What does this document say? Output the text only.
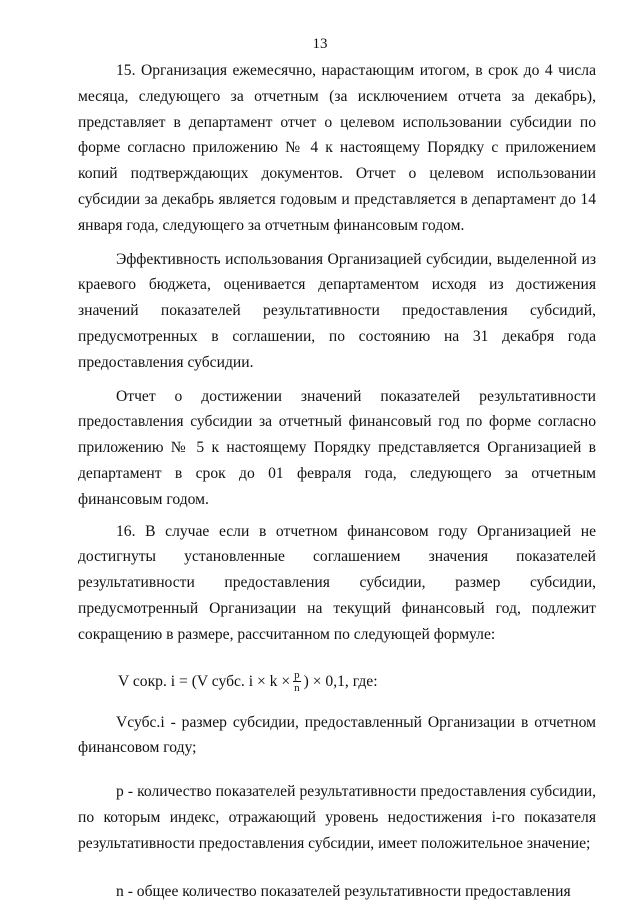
13

15. Организация ежемесячно, нарастающим итогом, в срок до 4 числа месяца, следующего за отчетным (за исключением отчета за декабрь), представляет в департамент отчет о целевом использовании субсидии по форме согласно приложению № 4 к настоящему Порядку с приложением копий подтверждающих документов. Отчет о целевом использовании субсидии за декабрь является годовым и представляется в департамент до 14 января года, следующего за отчетным финансовым годом.

Эффективность использования Организацией субсидии, выделенной из краевого бюджета, оценивается департаментом исходя из достижения значений показателей результативности предоставления субсидий, предусмотренных в соглашении, по состоянию на 31 декабря года предоставления субсидии.

Отчет о достижении значений показателей результативности предоставления субсидии за отчетный финансовый год по форме согласно приложению № 5 к настоящему Порядку представляется Организацией в департамент в срок до 01 февраля года, следующего за отчетным финансовым годом.

16. В случае если в отчетном финансовом году Организацией не достигнуты установленные соглашением значения показателей результативности предоставления субсидии, размер субсидии, предусмотренный Организации на текущий финансовый год, подлежит сокращению в размере, рассчитанном по следующей формуле:

V сокр. i = (V субс. $i \times k \times \frac{p}{n}$ ) × 0,1, где:

Vсубс.i - размер субсидии, предоставленный Организации в отчетном финансовом году;

p - количество показателей результативности предоставления субсидии, по которым индекс, отражающий уровень недостижения i-го показателя результативности предоставления субсидии, имеет положительное значение;

n - общее количество показателей результативности предоставления
